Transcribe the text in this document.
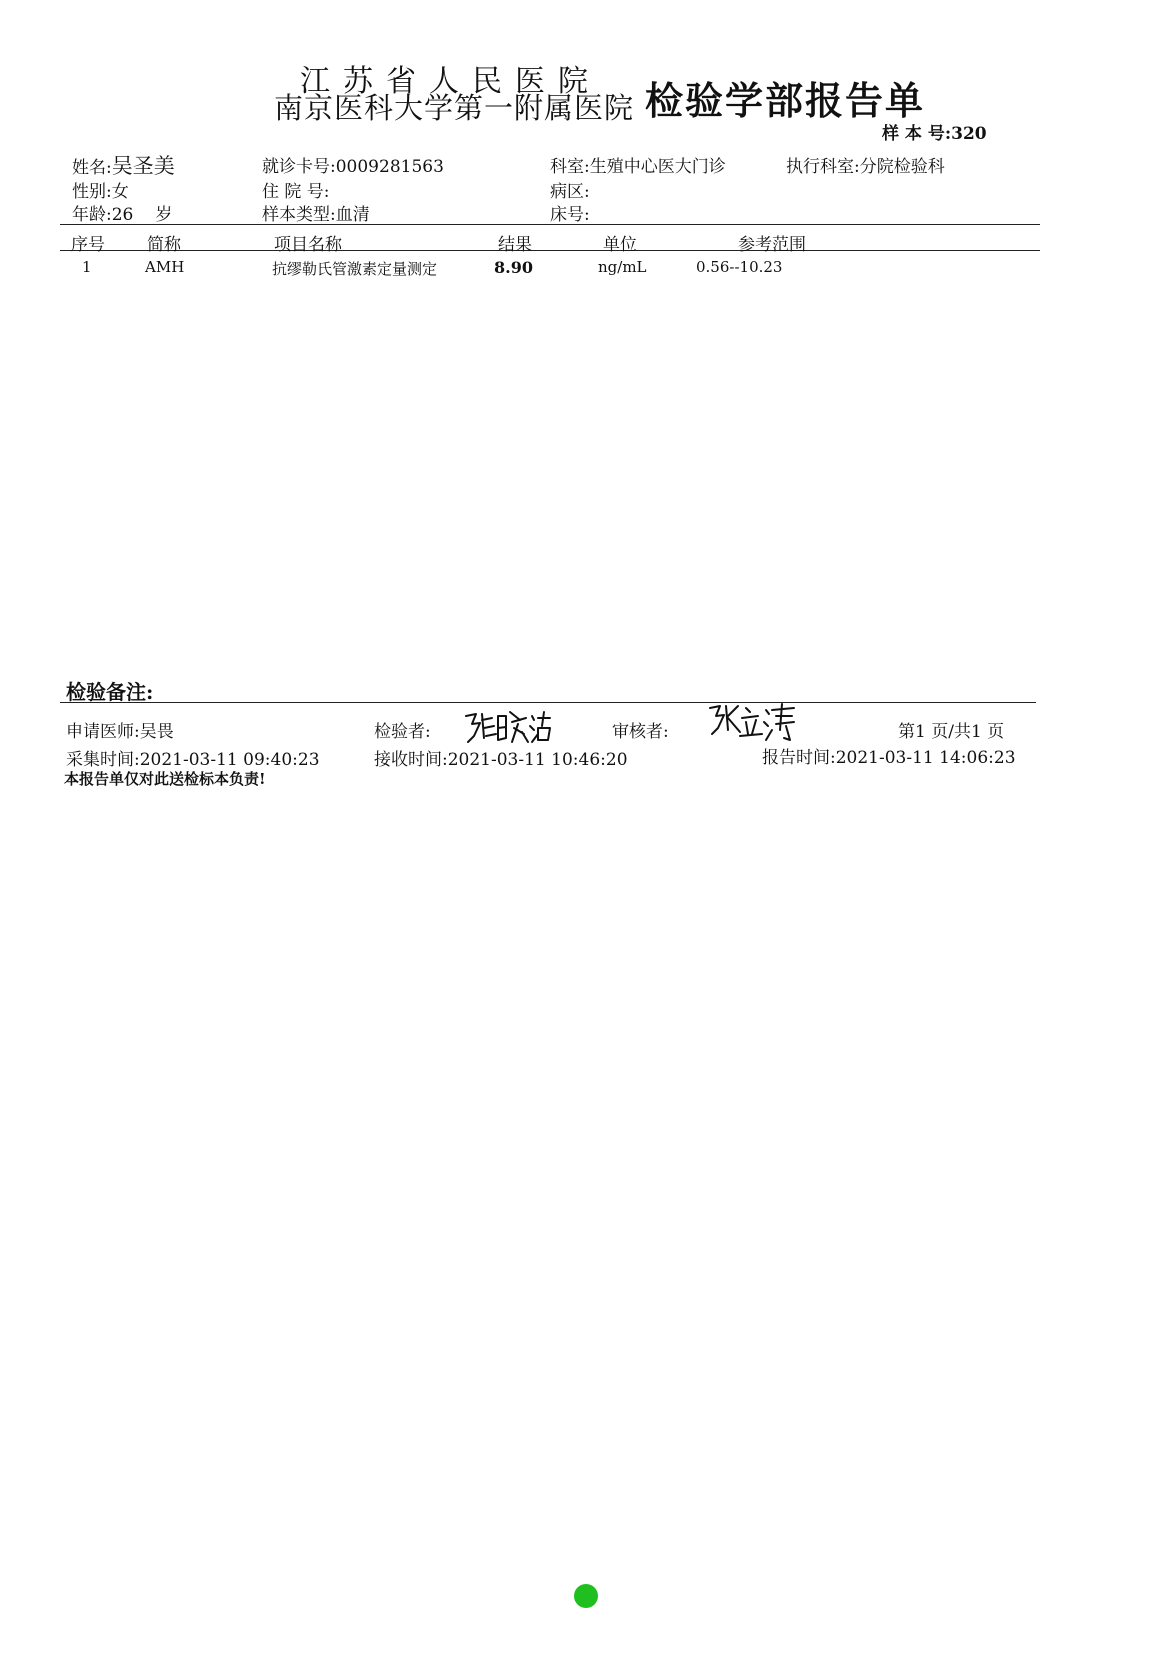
江苏省人民医院
南京医科大学第一附属医院 检验学部报告单
样 本 号:320
姓名:吴圣美
性别:女
年龄:26 岁
就诊卡号:0009281563
住 院 号:
样本类型:血清
科室:生殖中心医大门诊
病区:
床号:
执行科室:分院检验科
序号 简称	项目名称	结果	单位	参考范围
1	AMH	抗缪勒氏管激素定量测定	8.90	ng/mL	0.56--10.23
检验备注:
申请医师:吴畏	检验者:	审核者:	第1 页/共1 页
采集时间:2021-03-11 09:40:23	接收时间:2021-03-11 10:46:20	报告时间:2021-03-11 14:06:23
本报告单仅对此送检标本负责!
